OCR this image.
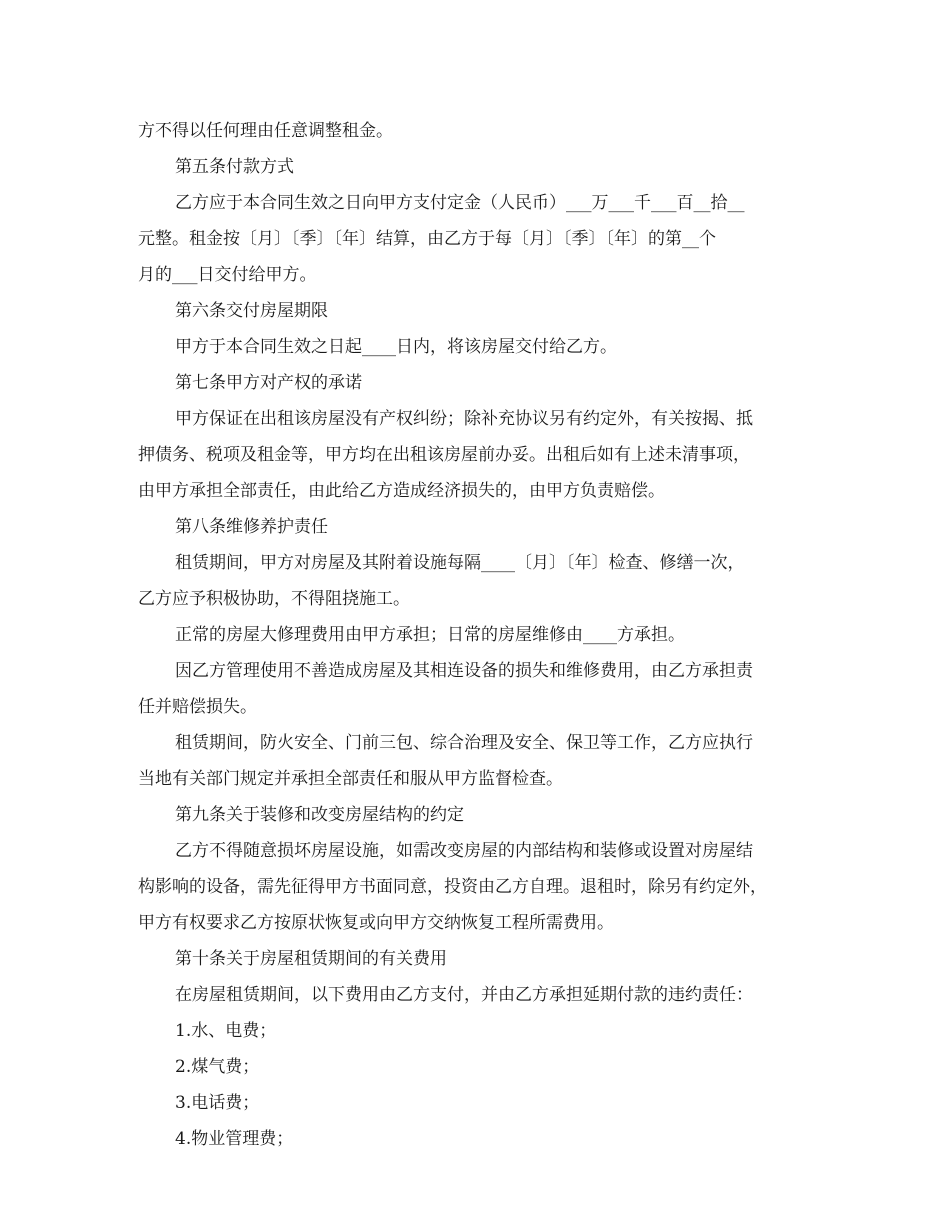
方不得以任何理由任意调整租金。
第五条付款方式
乙方应于本合同生效之日向甲方支付定金（人民币）___万___千___百__拾__
元整。租金按〔月〕〔季〕〔年〕结算，由乙方于每〔月〕〔季〕〔年〕的第__个
月的___日交付给甲方。
第六条交付房屋期限
甲方于本合同生效之日起____日内，将该房屋交付给乙方。
第七条甲方对产权的承诺
甲方保证在出租该房屋没有产权纠纷；除补充协议另有约定外，有关按揭、抵
押债务、税项及租金等，甲方均在出租该房屋前办妥。出租后如有上述未清事项，
由甲方承担全部责任，由此给乙方造成经济损失的，由甲方负责赔偿。
第八条维修养护责任
租赁期间，甲方对房屋及其附着设施每隔____〔月〕〔年〕检查、修缮一次，
乙方应予积极协助，不得阻挠施工。
正常的房屋大修理费用由甲方承担；日常的房屋维修由____方承担。
因乙方管理使用不善造成房屋及其相连设备的损失和维修费用，由乙方承担责
任并赔偿损失。
租赁期间，防火安全、门前三包、综合治理及安全、保卫等工作，乙方应执行
当地有关部门规定并承担全部责任和服从甲方监督检查。
第九条关于装修和改变房屋结构的约定
乙方不得随意损坏房屋设施，如需改变房屋的内部结构和装修或设置对房屋结
构影响的设备，需先征得甲方书面同意，投资由乙方自理。退租时，除另有约定外，
甲方有权要求乙方按原状恢复或向甲方交纳恢复工程所需费用。
第十条关于房屋租赁期间的有关费用
在房屋租赁期间，以下费用由乙方支付，并由乙方承担延期付款的违约责任：
1.水、电费；
2.煤气费；
3.电话费；
4.物业管理费；
